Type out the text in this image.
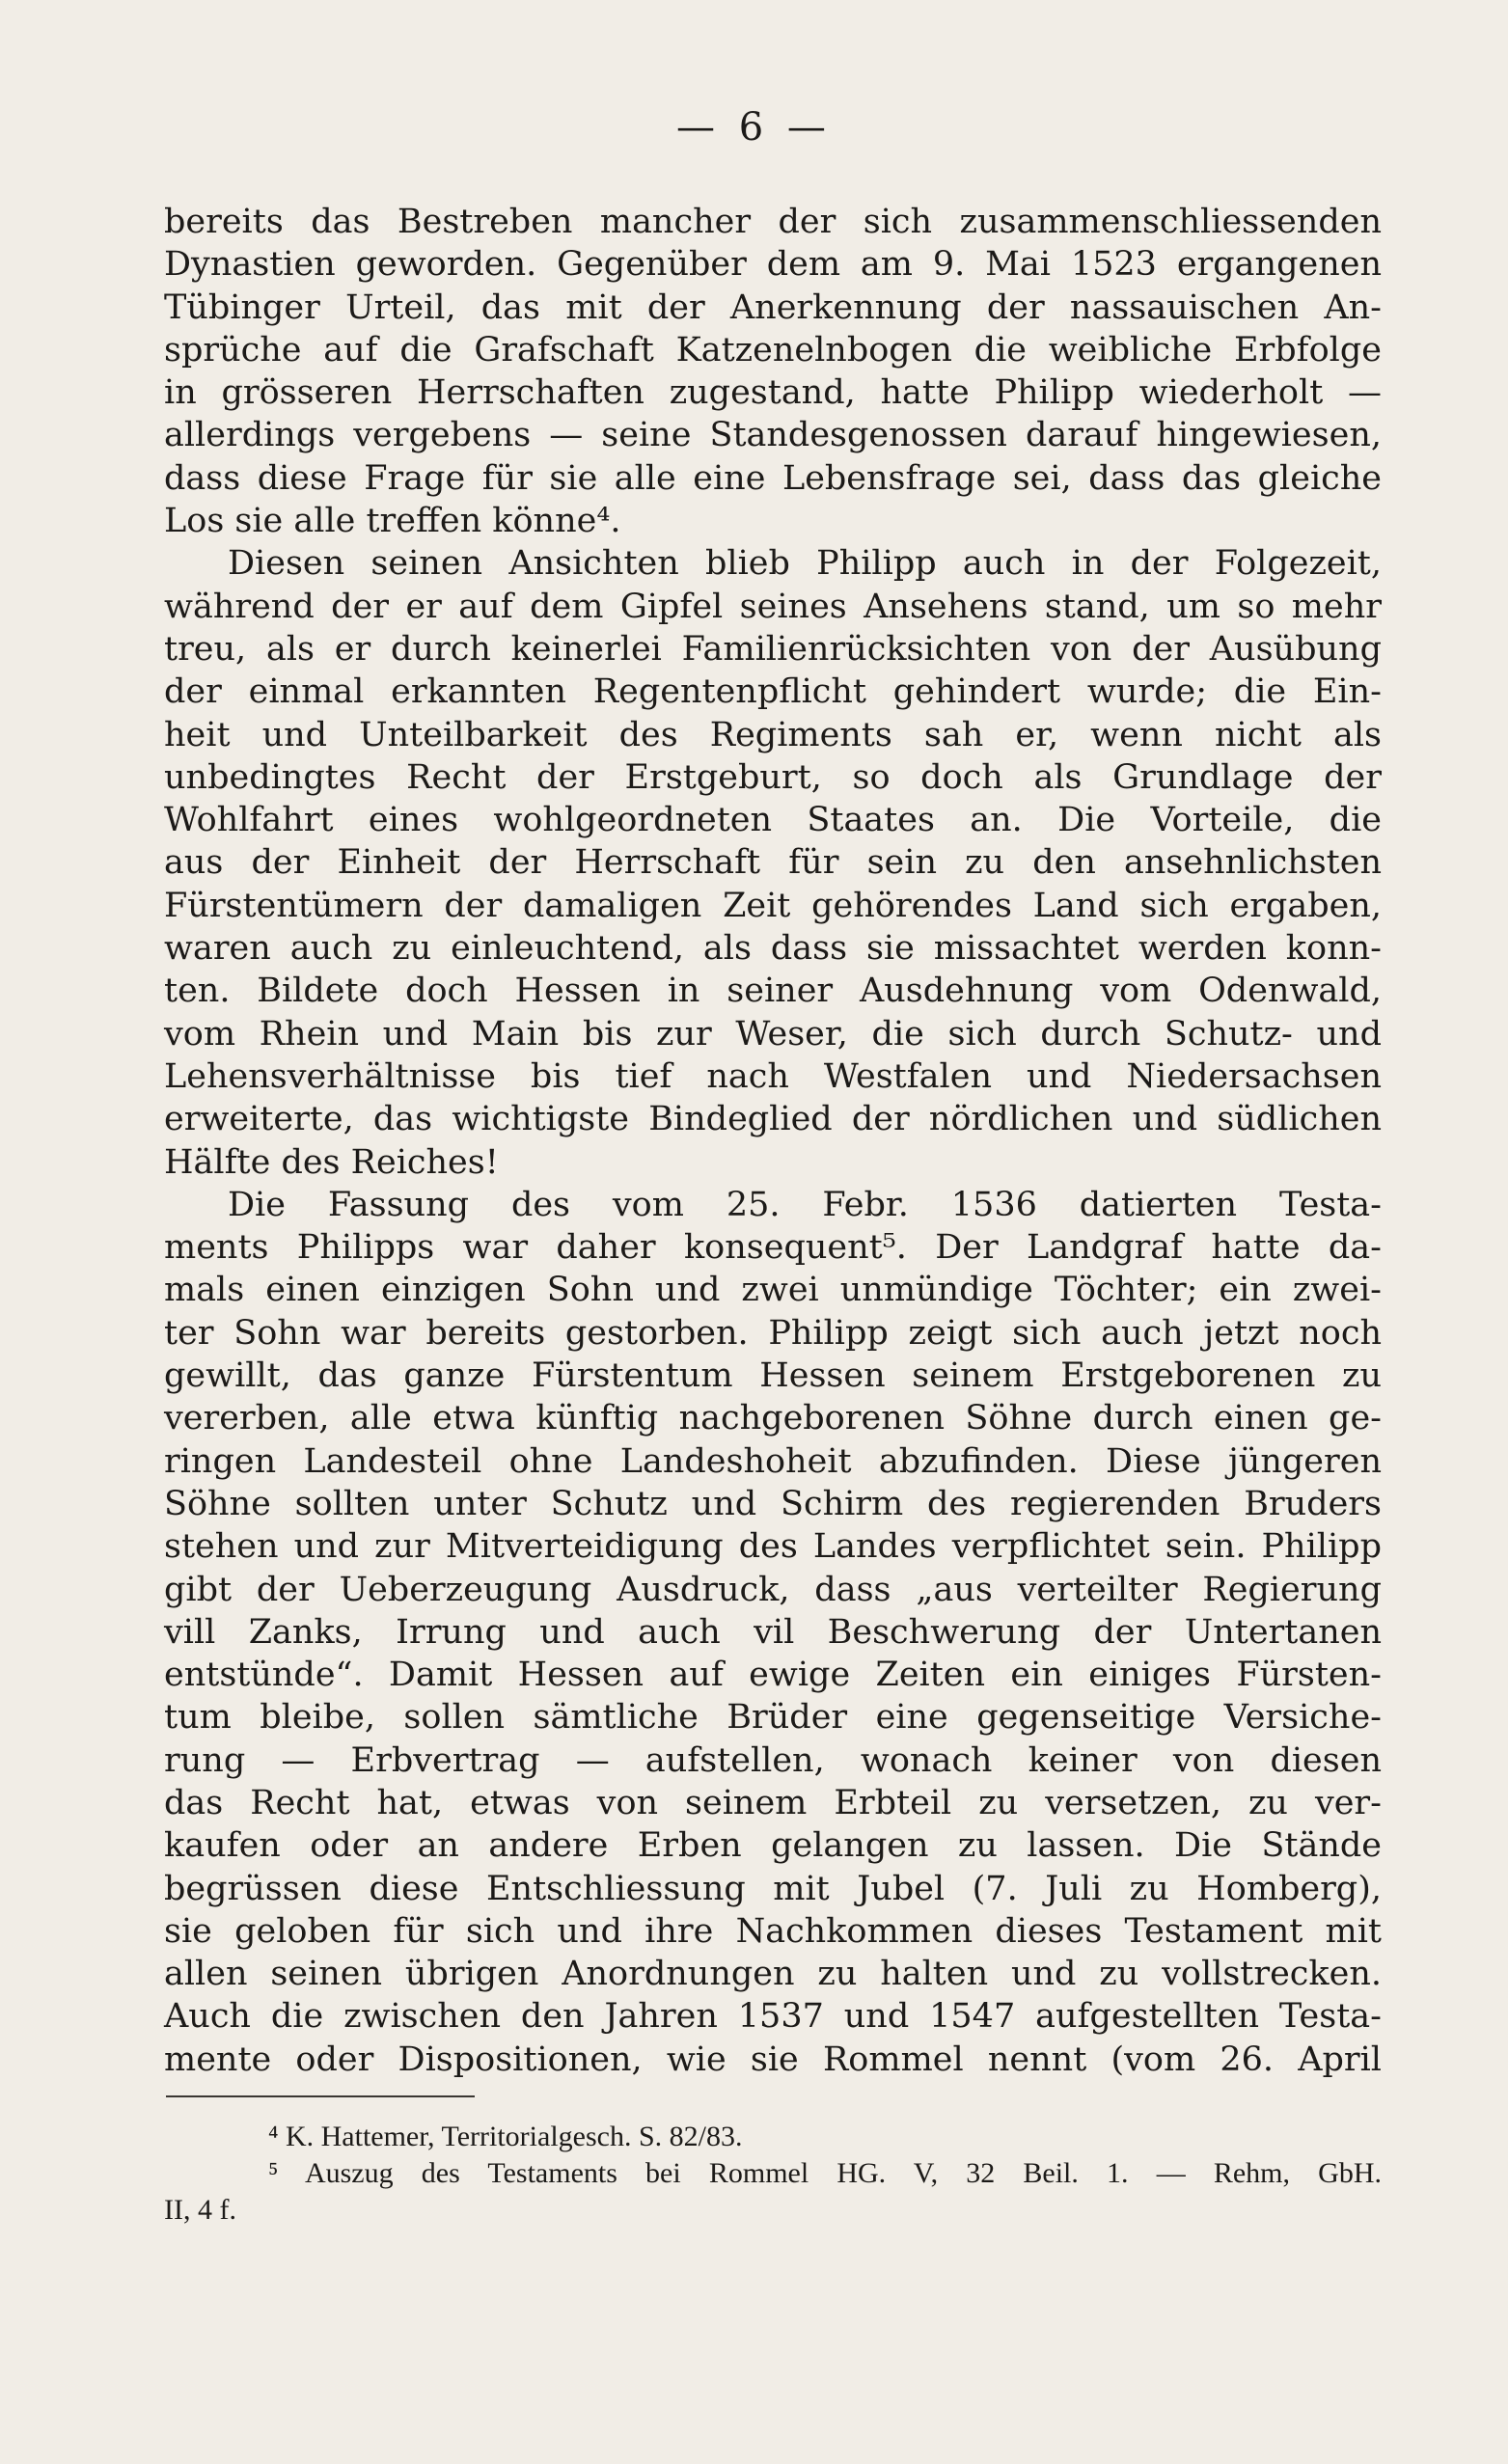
— 6 —
bereits das Bestreben mancher der sich zusammenschliessenden
Dynastien geworden. Gegenüber dem am 9. Mai 1523 ergangenen
Tübinger Urteil, das mit der Anerkennung der nassauischen An-
sprüche auf die Grafschaft Katzenelnbogen die weibliche Erbfolge
in grösseren Herrschaften zugestand, hatte Philipp wiederholt —
allerdings vergebens — seine Standesgenossen darauf hingewiesen,
dass diese Frage für sie alle eine Lebensfrage sei, dass das gleiche
Los sie alle treffen könne⁴.
Diesen seinen Ansichten blieb Philipp auch in der Folgezeit,
während der er auf dem Gipfel seines Ansehens stand, um so mehr
treu, als er durch keinerlei Familienrücksichten von der Ausübung
der einmal erkannten Regentenpflicht gehindert wurde; die Ein-
heit und Unteilbarkeit des Regiments sah er, wenn nicht als
unbedingtes Recht der Erstgeburt, so doch als Grundlage der
Wohlfahrt eines wohlgeordneten Staates an. Die Vorteile, die
aus der Einheit der Herrschaft für sein zu den ansehnlichsten
Fürstentümern der damaligen Zeit gehörendes Land sich ergaben,
waren auch zu einleuchtend, als dass sie missachtet werden konn-
ten. Bildete doch Hessen in seiner Ausdehnung vom Odenwald,
vom Rhein und Main bis zur Weser, die sich durch Schutz- und
Lehensverhältnisse bis tief nach Westfalen und Niedersachsen
erweiterte, das wichtigste Bindeglied der nördlichen und südlichen
Hälfte des Reiches!
Die Fassung des vom 25. Febr. 1536 datierten Testa-
ments Philipps war daher konsequent⁵. Der Landgraf hatte da-
mals einen einzigen Sohn und zwei unmündige Töchter; ein zwei-
ter Sohn war bereits gestorben. Philipp zeigt sich auch jetzt noch
gewillt, das ganze Fürstentum Hessen seinem Erstgeborenen zu
vererben, alle etwa künftig nachgeborenen Söhne durch einen ge-
ringen Landesteil ohne Landeshoheit abzufinden. Diese jüngeren
Söhne sollten unter Schutz und Schirm des regierenden Bruders
stehen und zur Mitverteidigung des Landes verpflichtet sein. Philipp
gibt der Ueberzeugung Ausdruck, dass „aus verteilter Regierung
vill Zanks, Irrung und auch vil Beschwerung der Untertanen
entstünde“. Damit Hessen auf ewige Zeiten ein einiges Fürsten-
tum bleibe, sollen sämtliche Brüder eine gegenseitige Versiche-
rung — Erbvertrag — aufstellen, wonach keiner von diesen
das Recht hat, etwas von seinem Erbteil zu versetzen, zu ver-
kaufen oder an andere Erben gelangen zu lassen. Die Stände
begrüssen diese Entschliessung mit Jubel (7. Juli zu Homberg),
sie geloben für sich und ihre Nachkommen dieses Testament mit
allen seinen übrigen Anordnungen zu halten und zu vollstrecken.
Auch die zwischen den Jahren 1537 und 1547 aufgestellten Testa-
mente oder Dispositionen, wie sie Rommel nennt (vom 26. April
⁴ K. Hattemer, Territorialgesch. S. 82/83.
⁵ Auszug des Testaments bei Rommel HG. V, 32 Beil. 1. — Rehm, GbH.
II, 4 f.
